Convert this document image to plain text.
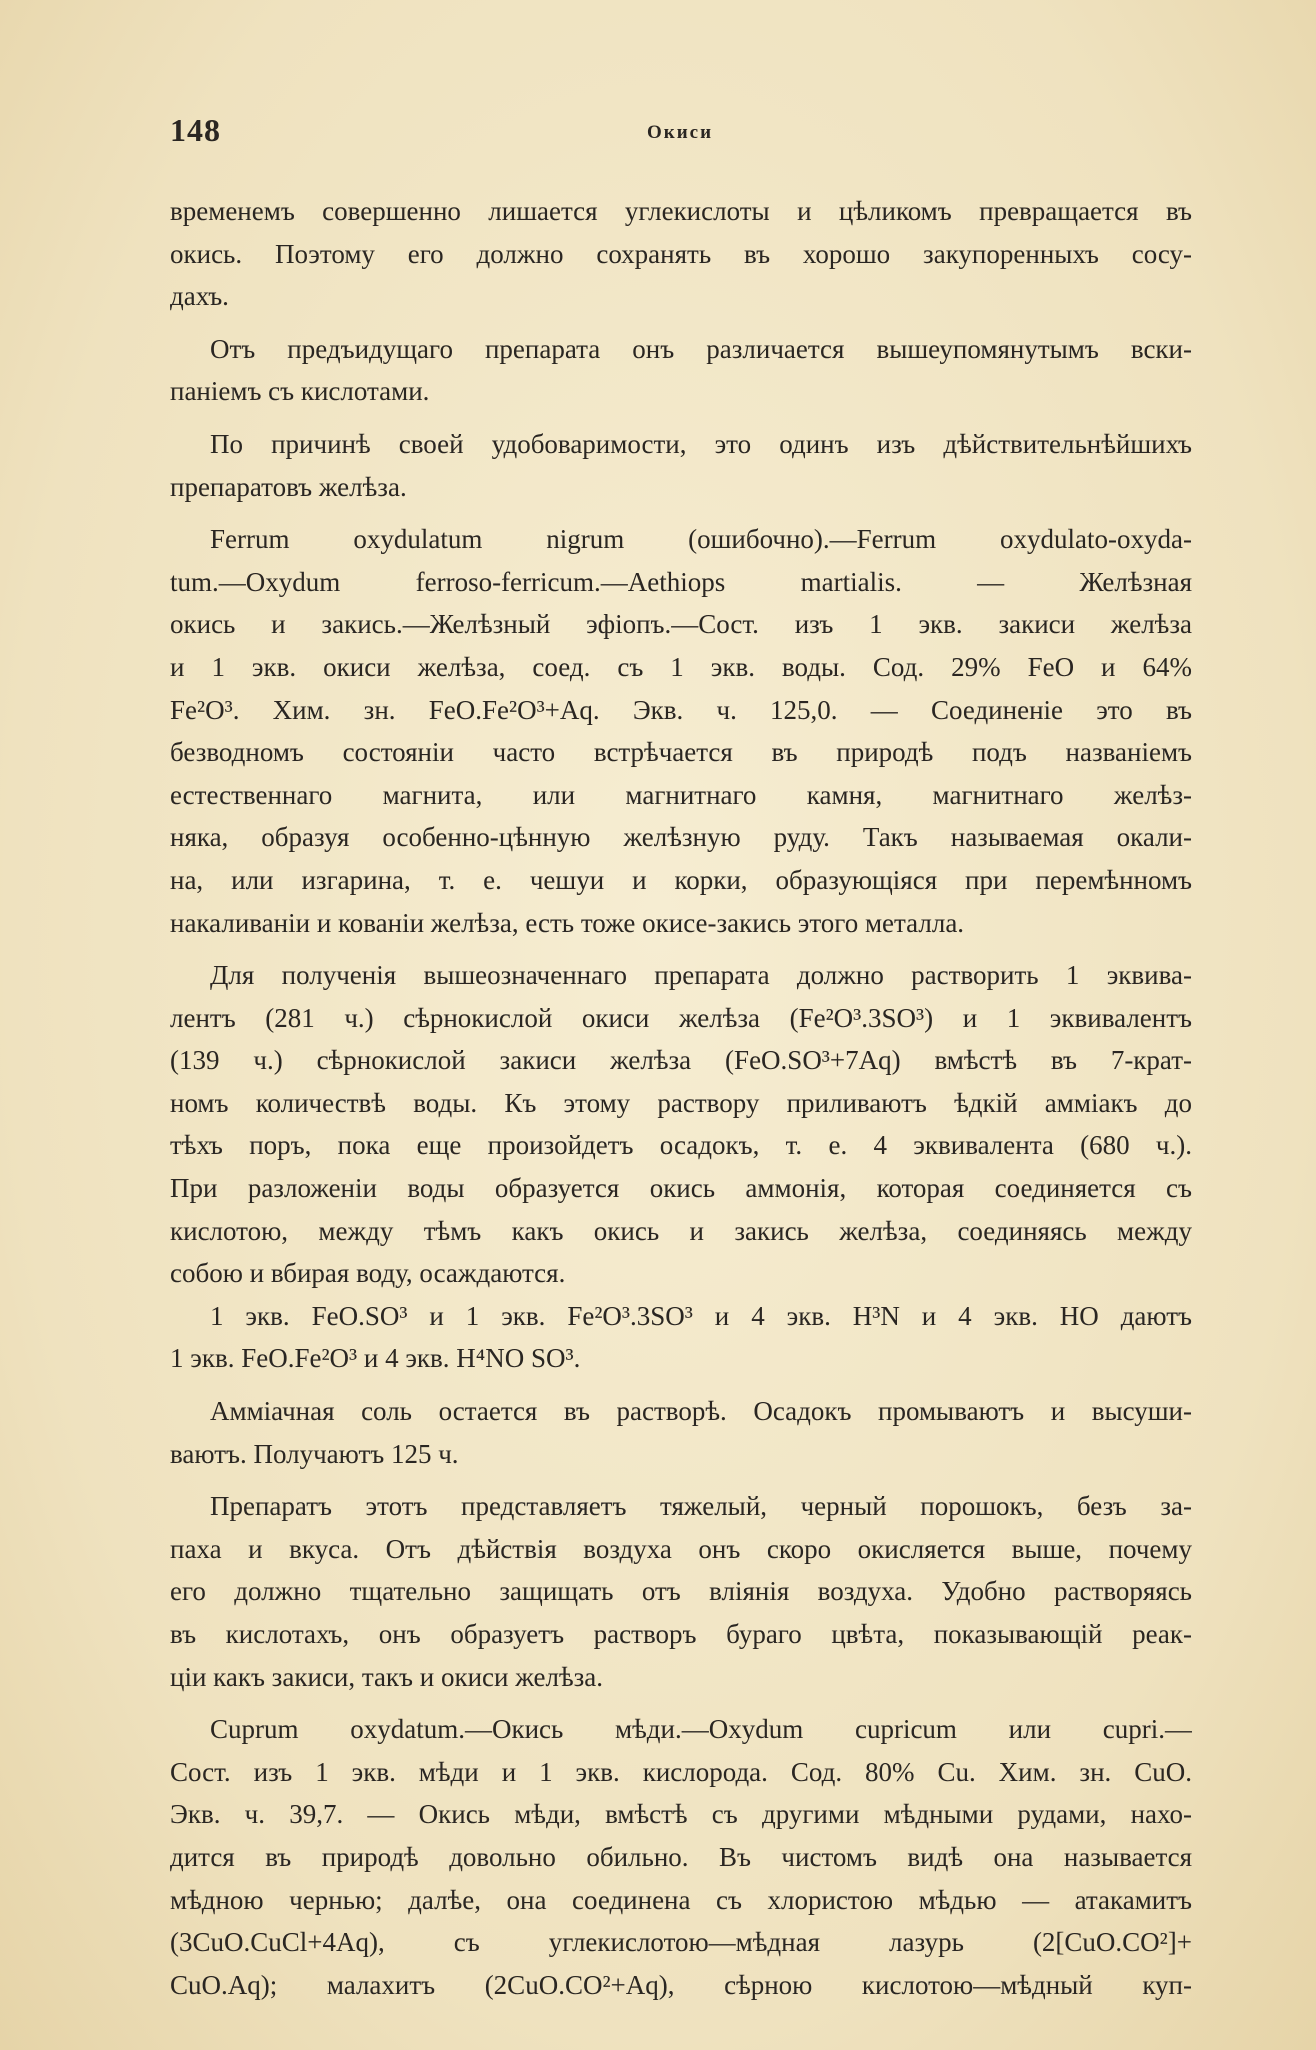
148	Окиси
временемъ совершенно лишается углекислоты и цѣликомъ превращается въ
окись. Поэтому его должно сохранять въ хорошо закупоренныхъ сосу-
дахъ.
Отъ предъидущаго препарата онъ различается вышеупомянутымъ вски-
паніемъ съ кислотами.
По причинѣ своей удобоваримости, это одинъ изъ дѣйствительнѣйшихъ
препаратовъ желѣза.
Ferrum oxydulatum nigrum (ошибочно).—Ferrum oxydulato-oxyda-
tum.—Oxydum ferroso-ferricum.—Aethiops martialis. — Желѣзная
окись и закись.—Желѣзный эфіопъ.—Сост. изъ 1 экв. закиси желѣза
и 1 экв. окиси желѣза, соед. съ 1 экв. воды. Сод. 29% FeO и 64%
Fe²O³. Хим. зн. FeO.Fe²O³+Aq. Экв. ч. 125,0. — Соединеніе это въ
безводномъ состояніи часто встрѣчается въ природѣ подъ названіемъ
естественнаго магнита, или магнитнаго камня, магнитнаго желѣз-
няка, образуя особенно-цѣнную желѣзную руду. Такъ называемая окали-
на, или изгарина, т. е. чешуи и корки, образующіяся при перемѣнномъ
накаливаніи и кованіи желѣза, есть тоже окисе-закись этого металла.
Для полученія вышеозначеннаго препарата должно растворить 1 эквива-
лентъ (281 ч.) сѣрнокислой окиси желѣза (Fe²O³.3SO³) и 1 эквивалентъ
(139 ч.) сѣрнокислой закиси желѣза (FeO.SO³+7Aq) вмѣстѣ въ 7-крат-
номъ количествѣ воды. Къ этому раствору приливаютъ ѣдкій амміакъ до
тѣхъ поръ, пока еще произойдетъ осадокъ, т. е. 4 эквивалента (680 ч.).
При разложеніи воды образуется окись аммонія, которая соединяется съ
кислотою, между тѣмъ какъ окись и закись желѣза, соединяясь между
собою и вбирая воду, осаждаются.
1 экв. FeO.SO³ и 1 экв. Fe²O³.3SO³ и 4 экв. H³N и 4 экв. HO даютъ
1 экв. FeO.Fe²O³ и 4 экв. H⁴NO SO³.
Амміачная соль остается въ растворѣ. Осадокъ промываютъ и высуши-
ваютъ. Получаютъ 125 ч.
Препаратъ этотъ представляетъ тяжелый, черный порошокъ, безъ за-
паха и вкуса. Отъ дѣйствія воздуха онъ скоро окисляется выше, почему
его должно тщательно защищать отъ вліянія воздуха. Удобно растворяясь
въ кислотахъ, онъ образуетъ растворъ бураго цвѣта, показывающій реак-
ціи какъ закиси, такъ и окиси желѣза.
Cuprum oxydatum.—Окись мѣди.—Oxydum cupricum или cupri.—
Сост. изъ 1 экв. мѣди и 1 экв. кислорода. Сод. 80% Cu. Хим. зн. CuO.
Экв. ч. 39,7. — Окись мѣди, вмѣстѣ съ другими мѣдными рудами, нахо-
дится въ природѣ довольно обильно. Въ чистомъ видѣ она называется
мѣдною чернью; далѣе, она соединена съ хлористою мѣдью — атакамитъ
(3CuO.CuCl+4Aq), съ углекислотою—мѣдная лазурь (2[CuO.CO²]+
CuO.Aq); малахитъ (2CuO.CO²+Aq), сѣрною кислотою—мѣдный куп-
